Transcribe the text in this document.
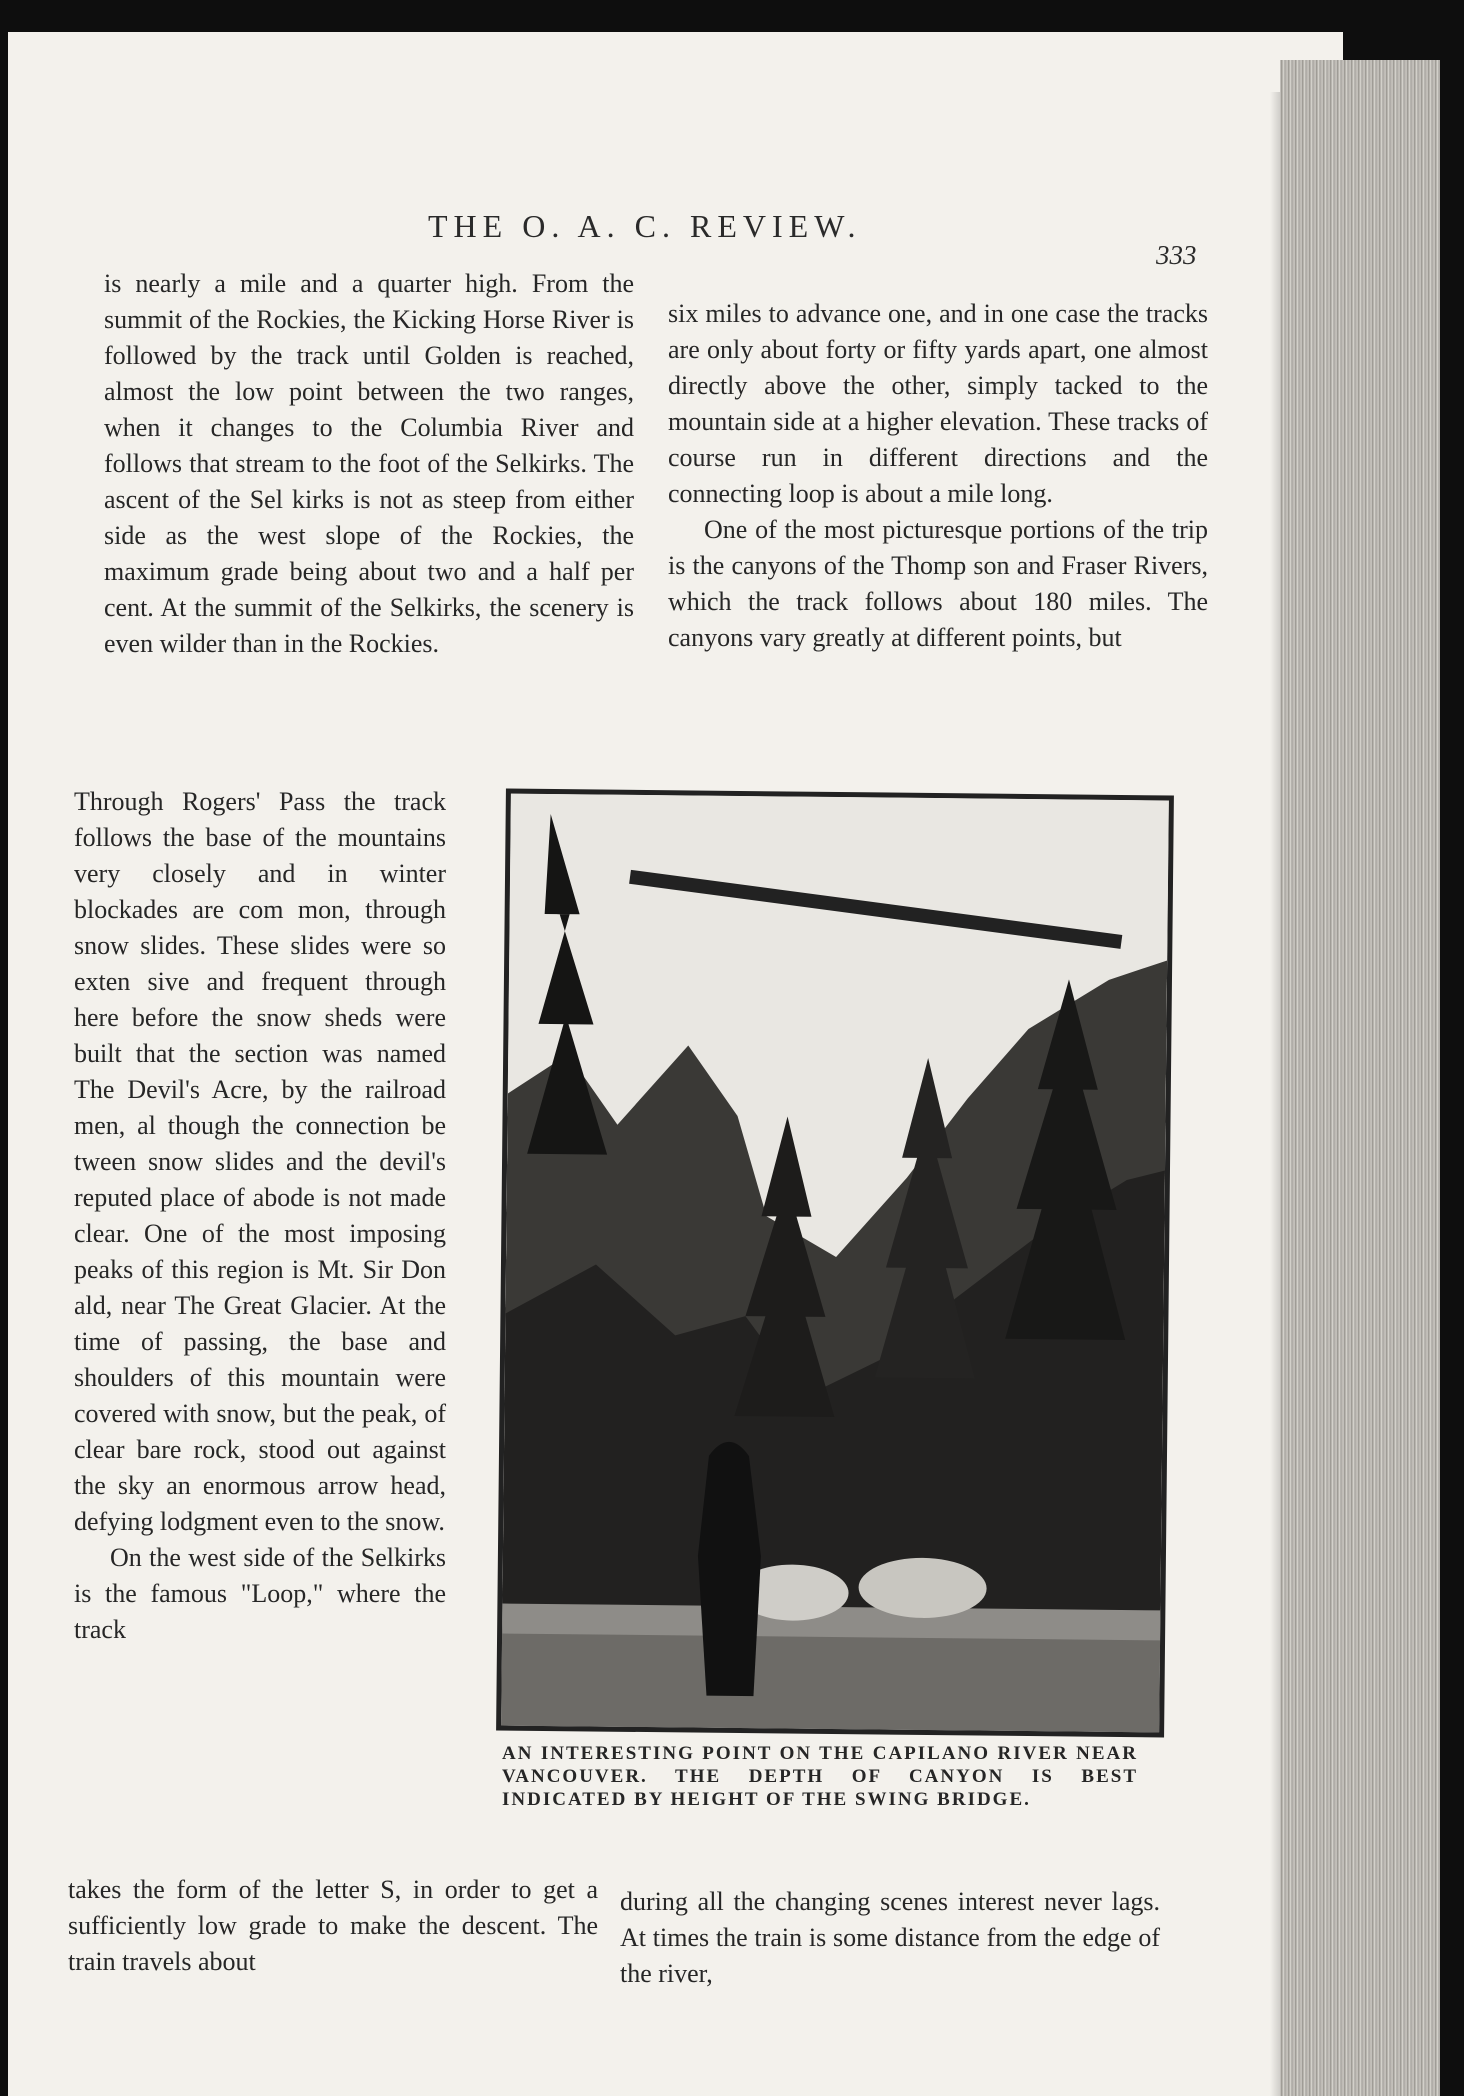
THE O. A. C. REVIEW.
333

is nearly a mile and a quarter high. From the summit of the Rockies, the Kicking Horse River is followed by the track until Golden is reached, almost the low point between the two ranges, when it changes to the Columbia River and follows that stream to the foot of the Selkirks. The ascent of the Sel kirks is not as steep from either side as the west slope of the Rockies, the maximum grade being about two and a half per cent. At the summit of the Selkirks, the scenery is even wilder than in the Rockies.

Through Rogers' Pass the track follows the base of the mountains very closely and in winter blockades are com mon, through snow slides. These slides were so exten sive and frequent through here before the snow sheds were built that the section was named The Devil's Acre, by the railroad men, al though the connection be tween snow slides and the devil's reputed place of abode is not made clear. One of the most imposing peaks of this region is Mt. Sir Don ald, near The Great Glacier. At the time of passing, the base and shoulders of this mountain were covered with snow, but the peak, of clear bare rock, stood out against the sky an enormous arrow head, defying lodgment even to the snow.

On the west side of the Selkirks is the famous "Loop," where the track

takes the form of the letter S, in order to get a sufficiently low grade to make the descent. The train travels about

six miles to advance one, and in one case the tracks are only about forty or fifty yards apart, one almost directly above the other, simply tacked to the mountain side at a higher elevation. These tracks of course run in different directions and the connecting loop is about a mile long.

One of the most picturesque portions of the trip is the canyons of the Thomp son and Fraser Rivers, which the track follows about 180 miles. The canyons vary greatly at different points, but

during all the changing scenes interest never lags. At times the train is some distance from the edge of the river,

AN INTERESTING POINT ON THE CAPILANO RIVER NEAR VANCOUVER. THE DEPTH OF CANYON IS BEST INDICATED BY HEIGHT OF THE SWING BRIDGE.
